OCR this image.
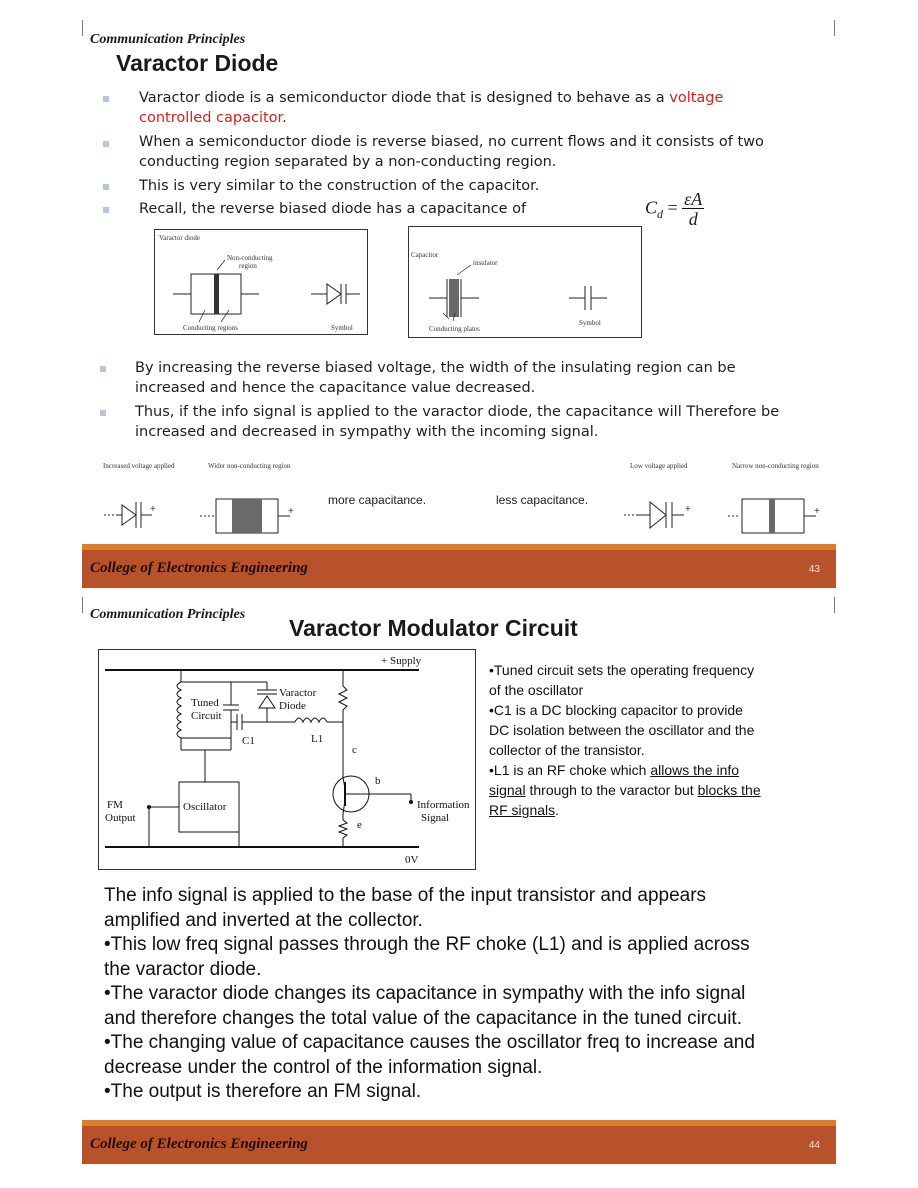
Communication Principles
Varactor Diode
Varactor diode is a semiconductor diode that is designed to behave as a voltage
controlled capacitor.
When a semiconductor diode is reverse biased, no current flows and it consists of two
conducting region separated by a non-conducting region.
This is very similar to the construction of the capacitor.
Recall, the reverse biased diode has a capacitance of	$C_d = \frac{\varepsilon A}{d}$
Varactor diode
Non-conducting
region
Conducting regions	Symbol
Capacitor
insulator
Conducting plates
Symbol
By increasing the reverse biased voltage, the width of the insulating region can be
increased and hence the capacitance value decreased.
Thus, if the info signal is applied to the varactor diode, the capacitance will Therefore be
increased and decreased in sympathy with the incoming signal.
Increased voltage applied	Wider non-conducting region	Low voltage applied	Narrow non-conducting region
+	+	+	+
more capacitance.	less capacitance.
College of Electronics Engineering	43
Communication Principles
Varactor Modulator Circuit
+ Supply
Tuned
Circuit
Varactor
Diode
C1	L1
c
b
e
FM
Output
Oscillator	Information
Signal
0V
•Tuned circuit sets the operating frequency
of the oscillator
•C1 is a DC blocking capacitor to provide
DC isolation between the oscillator and the
collector of the transistor.
•L1 is an RF choke which allows the info
signal through to the varactor but blocks the
RF signals.
The info signal is applied to the base of the input transistor and appears
amplified and inverted at the collector.
•This low freq signal passes through the RF choke (L1) and is applied across
the varactor diode.
•The varactor diode changes its capacitance in sympathy with the info signal
and therefore changes the total value of the capacitance in the tuned circuit.
•The changing value of capacitance causes the oscillator freq to increase and
decrease under the control of the information signal.
•The output is therefore an FM signal.
College of Electronics Engineering	44
